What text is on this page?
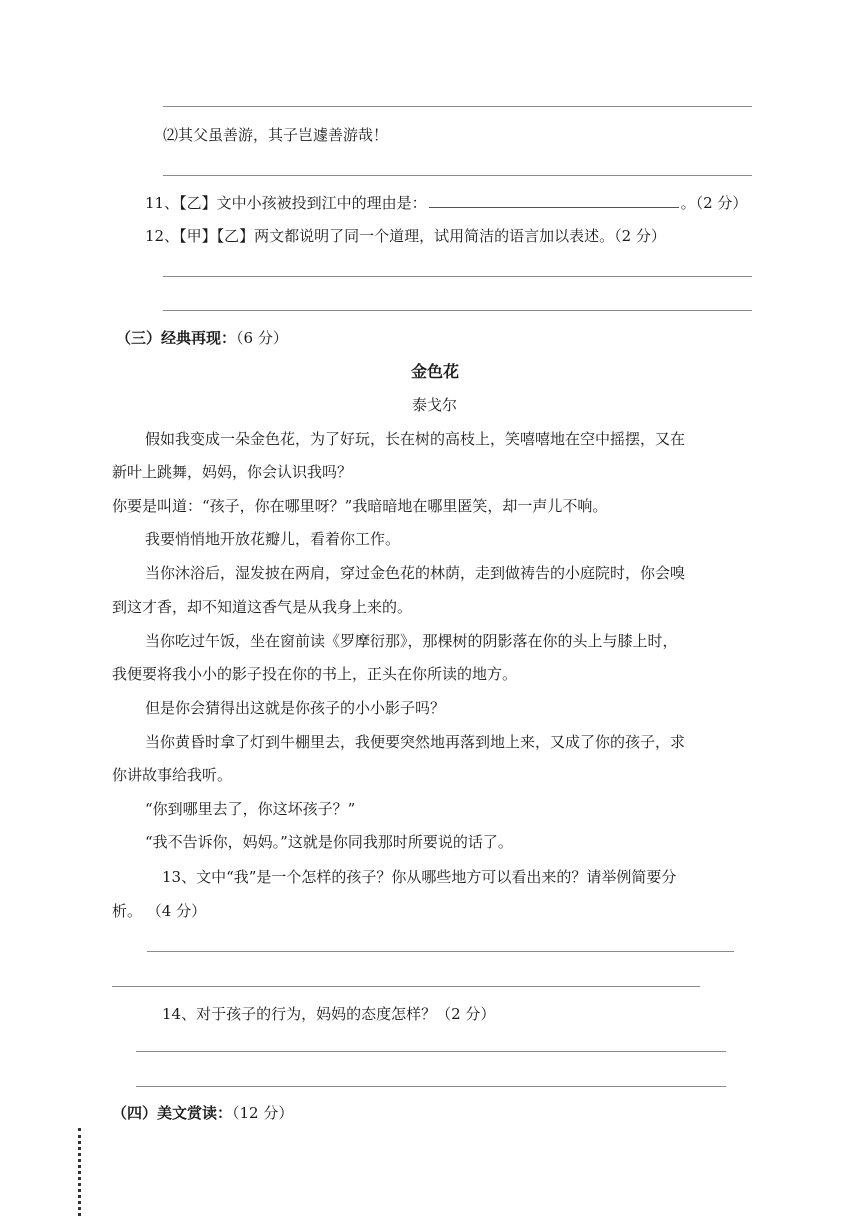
⑵其父虽善游，其子岂遽善游哉！
11、【乙】文中小孩被投到江中的理由是：	。（2 分）
12、【甲】【乙】两文都说明了同一个道理，试用简洁的语言加以表述。（2 分）
（三）经典再现：（6 分）
金色花
泰戈尔
假如我变成一朵金色花，为了好玩，长在树的高枝上，笑嘻嘻地在空中摇摆，又在
新叶上跳舞，妈妈，你会认识我吗？
你要是叫道：“孩子，你在哪里呀？”我暗暗地在哪里匿笑，却一声儿不响。
我要悄悄地开放花瓣儿，看着你工作。
当你沐浴后，湿发披在两肩，穿过金色花的林荫，走到做祷告的小庭院时，你会嗅
到这才香，却不知道这香气是从我身上来的。
当你吃过午饭，坐在窗前读《罗摩衍那》，那棵树的阴影落在你的头上与膝上时，
我便要将我小小的影子投在你的书上，正头在你所读的地方。
但是你会猜得出这就是你孩子的小小影子吗？
当你黄昏时拿了灯到牛棚里去，我便要突然地再落到地上来，又成了你的孩子，求
你讲故事给我听。
“你到哪里去了，你这坏孩子？”
“我不告诉你，妈妈。”这就是你同我那时所要说的话了。
13、文中“我”是一个怎样的孩子？你从哪些地方可以看出来的？请举例简要分
析。 （4 分）
14、对于孩子的行为，妈妈的态度怎样？（2 分）
（四）美文赏读：（12 分）
